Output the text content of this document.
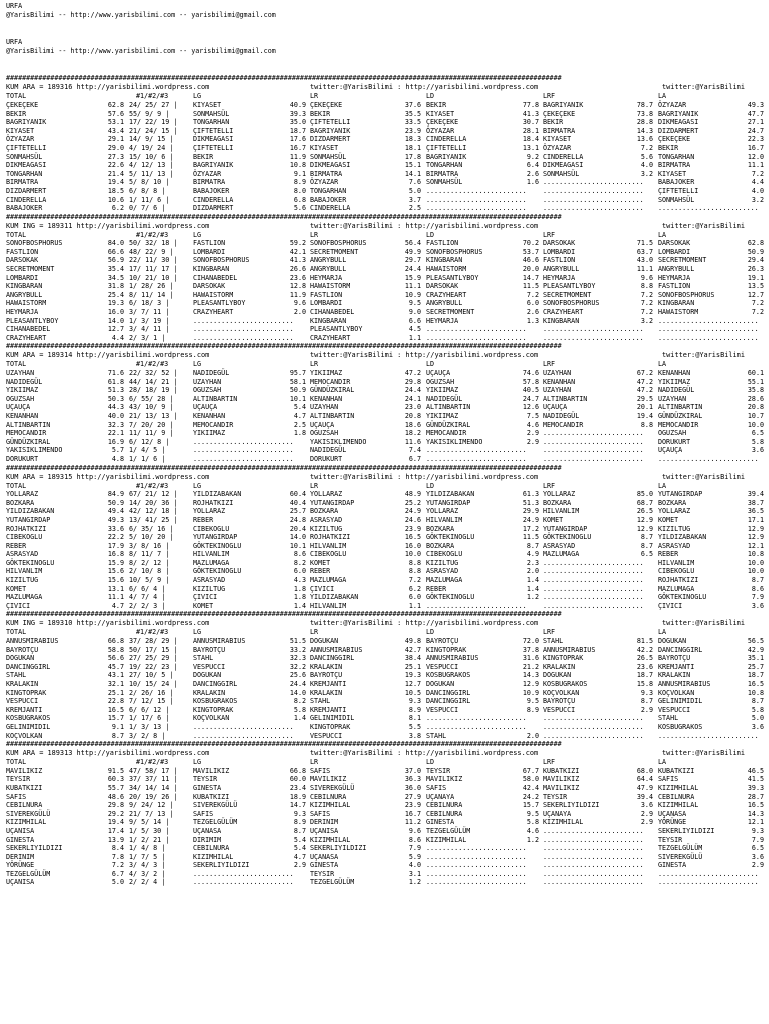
URFA
@YarisBilimi -- http://www.yarisbilimi.com -- yarisbilimi@gmail.com
URFA
@YarisBilimi -- http://www.yarisbilimi.com -- yarisbilimi@gmail.com
##########################################################################################################################################
KUM ARA = 189316 http://yarisbilimi.wordpress.com	twitter:@YarisBilimi : http://yarisbilimi.wordpress.com	twitter:@YarisBilimi
TOTAL	#1/#2/#3	LG	LR	LD	LRF	LA
ÇEKEÇEKE	62.8 24/ 25/ 27 | KIYASET	40.9 ÇEKEÇEKE	37.6 BEKIR	77.8 BAGRIYANIK	78.7 ÖZYAZAR	49.3
BEKIR	57.6 55/ 9/ 9 |	SONMAHSÜL	39.3 BEKIR	35.5 KIYASET	41.3 ÇEKEÇEKE	73.8 BAGRIYANIK	47.7
BAGRIYANIK	53.1 17/ 22/ 19 | TONGARHAN	35.0 ÇIFTETELLI	33.5 ÇEKEÇEKE	30.7 BEKIR	28.8 DIKMEAGASI	27.1
KIYASET	43.4 21/ 24/ 15 | ÇIFTETELLI	18.7 BAGRIYANIK	23.9 ÖZYAZAR	28.1 BIRMATRA	14.3 DIZDARMERT	24.7
ÖZYAZAR	29.1 14/ 9/ 15 |	DIKMEAGASI	17.6 DIZDARMERT	18.3 CINDERELLA	18.4 KIYASET	13.6 ÇEKEÇEKE	22.3
ÇIFTETELLI	29.0 4/ 19/ 24 |	ÇIFTETELLI	16.7 KIYASET	18.1 ÇIFTETELLI	13.1 ÖZYAZAR	7.2 BEKIR	16.7
SONMAHSÜL	27.3 15/ 10/ 6 |	BEKIR	11.9 SONMAHSÜL	17.8 BAGRIYANIK	9.2 CINDERELLA	5.6 TONGARHAN	12.0
DIKMEAGASI	22.6 4/ 12/ 13 |	BAGRIYANIK	10.8 DIKMEAGASI	15.1 TONGARHAN	6.4 DIKMEAGASI	4.0 BIRMATRA	11.1
TONGARHAN	21.4 5/ 11/ 13 |	ÖZYAZAR	9.1 BIRMATRA	14.1 BIRMATRA	2.6 SONMAHSÜL	3.2 KIYASET	7.2
BIRMATRA	19.4 5/ 8/ 10 |	BIRMATRA	8.9 ÖZYAZAR	7.6 SONMAHSÜL	1.6 ......................... BABAJOKER	4.4
DIZDARMERT	18.5 6/ 8/ 8 |	BABAJOKER	8.0 TONGARHAN	5.0 ......................... ......................... ÇIFTETELLI	4.0
CINDERELLA	10.6 1/ 11/ 6 |	CINDERELLA	6.8 BABAJOKER	3.7 ......................... ......................... SONMAHSÜL	3.2
BABAJOKER	6.2 0/ 7/ 6 |	DIZDARMERT	5.6 CINDERELLA	2.5 ......................... ......................... .........................
##########################################################################################################################################
KUM ING = 189311 http://yarisbilimi.wordpress.com	twitter:@YarisBilimi : http://yarisbilimi.wordpress.com	twitter:@YarisBilimi
TOTAL	#1/#2/#3	LG	LR	LD	LRF	LA
SONOFBOSPHORUS	84.0 50/ 32/ 18 | FASTLION	59.2 SONOFBOSPHORUS	56.4 FASTLION	70.2 DARSOKAK	71.5 DARSOKAK	62.8
FASTLION	66.6 48/ 22/ 9 |	LOMBARDI	42.1 SECRETMOMENT	49.9 SONOFBOSPHORUS	53.7 LOMBARDI	63.7 LOMBARDI	50.9
DARSOKAK	56.9 22/ 11/ 30 | SONOFBOSPHORUS	41.3 ANGRYBULL	29.7 KINGBARAN	46.6 FASTLION	43.0 SECRETMOMENT	29.4
SECRETMOMENT	35.4 17/ 11/ 17 | KINGBARAN	26.6 ANGRYBULL	24.4 HAWAISTORM	20.0 ANGRYBULL	11.1 ANGRYBULL	26.3
LOMBARDI	34.5 10/ 21/ 10 | CIHANABEDEL	23.6 HEYMARJA	15.9 PLEASANTLYBOY	14.7 HEYMARJA	9.6 HEYMARJA	19.1
KINGBARAN	31.8 1/ 28/ 26 |	DARSOKAK	12.8 HAWAISTORM	11.1 DARSOKAK	11.5 PLEASANTLYBOY	8.8 FASTLION	13.5
ANGRYBULL	25.4 8/ 11/ 14 |	HAWAISTORM	11.9 FASTLION	10.9 CRAZYHEART	7.2 SECRETMOMENT	7.2 SONOFBOSPHORUS	12.7
HAWAISTORM	19.3 6/ 18/ 3 |	PLEASANTLYBOY	9.6 LOMBARDI	9.5 ANGRYBULL	6.0 SONOFBOSPHORUS	7.2 KINGBARAN	7.2
HEYMARJA	16.0 3/ 7/ 11 |	CRAZYHEART	2.0 CIHANABEDEL	9.0 SECRETMOMENT	2.6 CRAZYHEART	7.2 HAWAISTORM	7.2
PLEASANTLYBOY	14.0 1/ 3/ 19 |	......................... KINGBARAN	6.6 HEYMARJA	1.3 KINGBARAN	3.2 .........................
CIHANABEDEL	12.7 3/ 4/ 11 |	......................... PLEASANTLYBOY	4.5 ......................... ......................... .........................
CRAZYHEART	4.4 2/ 3/ 1 |	......................... CRAZYHEART	1.1 ......................... ......................... .........................
##########################################################################################################################################
KUM ARA = 189314 http://yarisbilimi.wordpress.com	twitter:@YarisBilimi : http://yarisbilimi.wordpress.com	twitter:@YarisBilimi
TOTAL	#1/#2/#3	LG	LR	LD	LRF	LA
UZAYHAN	71.6 22/ 32/ 52 | NADIDEGÜL	95.7 YIKIIMAZ	47.2 UÇAUÇA	74.6 UZAYHAN	67.2 KENANHAN	60.1
NADIDEGÜL	61.8 44/ 14/ 21 | UZAYHAN	58.1 MEMOCANDIR	29.8 OGUZSAH	57.8 KENANHAN	47.2 YIKIIMAZ	55.1
YIKIIMAZ	51.3 28/ 18/ 19 | OGUZSAH	50.9 GÜNDÜZKIRAL	24.4 YIKIIMAZ	40.5 UZAYHAN	47.2 NADIDEGÜL	35.8
OGUZSAH	50.3 6/ 55/ 28 |	ALTINBARTIN	10.1 KENANHAN	24.1 NADIDEGÜL	24.7 ALTINBARTIN	29.5 UZAYHAN	28.6
UÇAUÇA	44.3 43/ 10/ 9 |	UÇAUÇA	5.4 UZAYHAN	23.0 ALTINBARTIN	12.6 UÇAUÇA	20.1 ALTINBARTIN	20.8
KENANHAN	40.0 21/ 13/ 13 | KENANHAN	4.7 ALTINBARTIN	20.8 YIKIIMAZ	7.5 NADIDEGÜL	19.4 GÜNDÜZKIRAL	10.7
ALTINBARTIN	32.3 7/ 20/ 20 |	MEMOCANDIR	2.5 UÇAUÇA	18.6 GÜNDÜZKIRAL	4.6 MEMOCANDIR	8.8 MEMOCANDIR	10.0
MEMOCANDIR	22.1 11/ 11/ 9 |	YIKIIMAZ	1.8 OGUZSAH	18.2 MEMOCANDIR	2.9 ......................... OGUZSAH	6.5
GÜNDÜZKIRAL	16.9 6/ 12/ 8 |	......................... YAKISIKLIMENDO	11.6 YAKISIKLIMENDO	2.9 ......................... DORUKURT	5.8
YAKISIKLIMENDO	5.7 1/ 4/ 5 |	......................... NADIDEGÜL	7.4 ......................... ......................... UÇAUÇA	3.6
DORUKURT	4.8 1/ 1/ 6 |	......................... DORUKURT	6.7 ......................... ......................... .........................
##########################################################################################################################################
KUM ARA = 189315 http://yarisbilimi.wordpress.com	twitter:@YarisBilimi : http://yarisbilimi.wordpress.com	twitter:@YarisBilimi
TOTAL	#1/#2/#3	LG	LR	LD	LRF	LA
YOLLARAZ	84.9 67/ 21/ 12 | YILDIZABAKAN	60.4 YOLLARAZ	48.9 YILDIZABAKAN	61.3 YOLLARAZ	85.0 YUTANGIRDAP	39.4
BOZKARA	50.9 14/ 20/ 36 | ROJHATKIZI	40.4 YUTANGIRDAP	25.2 YUTANGIRDAP	51.3 BOZKARA	68.7 BOZKARA	38.7
YILDIZABAKAN	49.4 42/ 12/ 18 | YOLLARAZ	25.7 BOZKARA	24.9 YOLLARAZ	29.9 HILVANLIM	26.5 YOLLARAZ	36.5
YUTANGIRDAP	49.3 13/ 41/ 25 | REBER	24.8 ASRASYAD	24.6 HILVANLIM	24.9 KOMET	12.9 KOMET	17.1
ROJHATKIZI	33.6 6/ 35/ 16 |	CIBEKOGLU	20.4 KIZILTUG	23.9 BOZKARA	17.2 YUTANGIRDAP	12.9 KIZILTUG	12.9
CIBEKOGLU	22.2 5/ 10/ 20 |	YUTANGIRDAP	14.0 ROJHATKIZI	16.5 GÖKTEKINOGLU	11.5 GÖKTEKINOGLU	8.7 YILDIZABAKAN	12.9
REBER	17.9 3/ 8/ 16 |	GÖKTEKINOGLU	10.1 HILVANLIM	16.0 BOZKARA	8.7 ASRASYAD	8.7 ASRASYAD	12.1
ASRASYAD	16.8 8/ 11/ 7 |	HILVANLIM	8.6 CIBEKOGLU	10.0 CIBEKOGLU	4.9 MAZLUMAGA	6.5 REBER	10.8
GÖKTEKINOGLU	15.9 8/ 2/ 12 |	MAZLUMAGA	8.2 KOMET	8.8 KIZILTUG	2.3 ......................... HILVANLIM	10.0
HILVANLIM	15.6 2/ 10/ 8 |	GÖKTEKINOGLU	6.0 REBER	8.8 ASRASYAD	2.0 ......................... CIBEKOGLU	10.0
KIZILTUG	15.6 10/ 5/ 9 |	ASRASYAD	4.3 MAZLUMAGA	7.2 MAZLUMAGA	1.4 ......................... ROJHATKIZI	8.7
KOMET	13.1 6/ 6/ 4 |	KIZILTUG	1.8 ÇIVICI	6.2 REBER	1.4 ......................... MAZLUMAGA	8.6
MAZLUMAGA	11.1 4/ 7/ 4 |	ÇIVICI	1.8 YILDIZABAKAN	6.0 GÖKTEKINOGLU	1.2 ......................... GÖKTEKINOGLU	7.9
ÇIVICI	4.7 2/ 2/ 3 |	KOMET	1.4 HILVANLIM	1.1 ......................... ......................... ÇIVICI	3.6
##########################################################################################################################################
KUM ING = 189310 http://yarisbilimi.wordpress.com	twitter:@YarisBilimi : http://yarisbilimi.wordpress.com	twitter:@YarisBilimi
TOTAL	#1/#2/#3	LG	LR	LD	LRF	LA
ANNUSMIRABIUS	66.8 37/ 28/ 29 | ANNUSMIRABIUS	51.5 DOGUKAN	49.8 BAYROTÇU	72.0 STAHL	81.5 DOGUKAN	56.5
BAYROTÇU	58.8 50/ 17/ 15 | BAYROTÇU	33.2 ANNUSMIRABIUS	42.7 KINGTOPRAK	37.8 ANNUSMIRABIUS	42.2 DANCINGGIRL	42.9
DOGUKAN	56.6 27/ 25/ 29 | STAHL	32.3 DANCINGGIRL	38.4 ANNUSMIRABIUS	31.6 KINGTOPRAK	26.5 BAYROTÇU	35.1
DANCINGGIRL	45.7 19/ 22/ 23 | VESPUCCI	32.2 KRALAKIN	25.1 VESPUCCI	21.2 KRALAKIN	23.6 KREMJANTI	25.7
STAHL	43.1 27/ 10/ 5 |	DOGUKAN	25.6 BAYROTÇU	19.3 KOSBUGRAKOS	14.3 DOGUKAN	18.7 KRALAKIN	18.7
KRALAKIN	32.1 10/ 15/ 24 | DANCINGGIRL	24.4 KREMJANTI	12.7 DOGUKAN	12.9 KOSBUGRAKOS	15.8 ANNUSMIRABIUS	16.5
KINGTOPRAK	25.1 2/ 26/ 16 |	KRALAKIN	14.0 KRALAKIN	10.5 DANCINGGIRL	10.9 KOÇVOLKAN	9.3 KOÇVOLKAN	10.8
VESPUCCI	22.8 7/ 12/ 15 |	KOSBUGRAKOS	8.2 STAHL	9.3 DANCINGGIRL	9.5 BAYROTÇU	8.7 GELINIMIDIL	8.7
KREMJANTI	16.5 6/ 6/ 12 |	KINGTOPRAK	5.8 KREMJANTI	8.9 VESPUCCI	8.9 VESPUCCI	2.9 VESPUCCI	5.8
KOSBUGRAKOS	15.7 1/ 17/ 6 |	KOÇVOLKAN	1.4 GELINIMIDIL	8.1 ......................... ......................... STAHL	5.0
GELINIMIDIL	9.1 1/ 3/ 13 |	......................... KINGTOPRAK	5.5 ......................... ......................... KOSBUGRAKOS	3.6
KOÇVOLKAN	8.7 3/ 2/ 8 |	......................... VESPUCCI	3.8 STAHL	2.0 ......................... .........................
##########################################################################################################################################
KUM ARA = 189313 http://yarisbilimi.wordpress.com	twitter:@YarisBilimi : http://yarisbilimi.wordpress.com	twitter:@YarisBilimi
TOTAL	#1/#2/#3	LG	LR	LD	LRF	LA
MAVILIKIZ	91.5 47/ 58/ 17 | MAVILIKIZ	66.8 SAFIS	37.0 TEYSIR	67.7 KUBATKIZI	68.0 KUBATKIZI	46.5
TEYSIR	60.3 37/ 37/ 11 | TEYSIR	60.0 MAVILIKIZ	36.3 MAVILIKIZ	58.0 MAVILIKIZ	64.4 SAFIS	41.5
KUBATKIZI	55.7 34/ 14/ 14 | GINESTA	23.4 SIVEREKGÜLÜ	36.0 SAFIS	42.4 MAVILIKIZ	47.9 KIZIMHILAL	39.3
SAFIS	48.6 20/ 19/ 26 | KUBATKIZI	18.9 CEBILNURA	27.9 UÇANAYA	24.2 TEYSIR	39.4 CEBILNURA	28.7
CEBILNURA	29.8 9/ 24/ 12 |	SIVEREKGÜLÜ	14.7 KIZIMHILAL	23.9 CEBILNURA	15.7 SEKERLIYILDIZI	3.6 KIZIMHILAL	16.5
SIVEREKGÜLÜ	29.2 21/ 7/ 13 |	SAFIS	9.3 SAFIS	16.7 CEBILNURA	9.5 UÇANAYA	2.9 UÇANASA	14.3
KIZIMHILAL	19.4 9/ 5/ 14 |	TEZGELGÜLÜM	8.9 DERINIM	11.2 GINESTA	5.8 KIZIMHILAL	2.9 YÖRÜNGE	12.1
UÇANISA	17.4 1/ 5/ 30 |	UÇANASA	8.7 UÇANISA	9.6 TEZGELGÜLÜM	4.6 ......................... SEKERLIYILDIZI	9.3
GINESTA	13.9 1/ 2/ 21 |	DIRIMIM	5.4 KIZIMHILAL	8.6 KIZIMHILAL	1.2 ......................... TEYSIR	7.9
SEKERLIYILDIZI	8.4 1/ 4/ 8 |	CEBILNURA	5.4 SEKERLIYILDIZI	7.9 ......................... ......................... TEZGELGÜLÜM	6.5
DERINIM	7.8 1/ 7/ 5 |	KIZIMHILAL	4.7 UÇANASA	5.9 ......................... ......................... SIVEREKGÜLÜ	3.6
YÖRÜNGE	7.2 3/ 4/ 3 |	SEKERLIYILDIZI	2.9 GINESTA	4.0 ......................... ......................... GINESTA	2.9
TEZGELGÜLÜM	6.7 4/ 3/ 2 |	......................... TEYSIR	3.1 ......................... ......................... .........................
UÇANISA	5.0 2/ 2/ 4 |	......................... TEZGELGÜLÜM	1.2 ......................... ......................... .........................
